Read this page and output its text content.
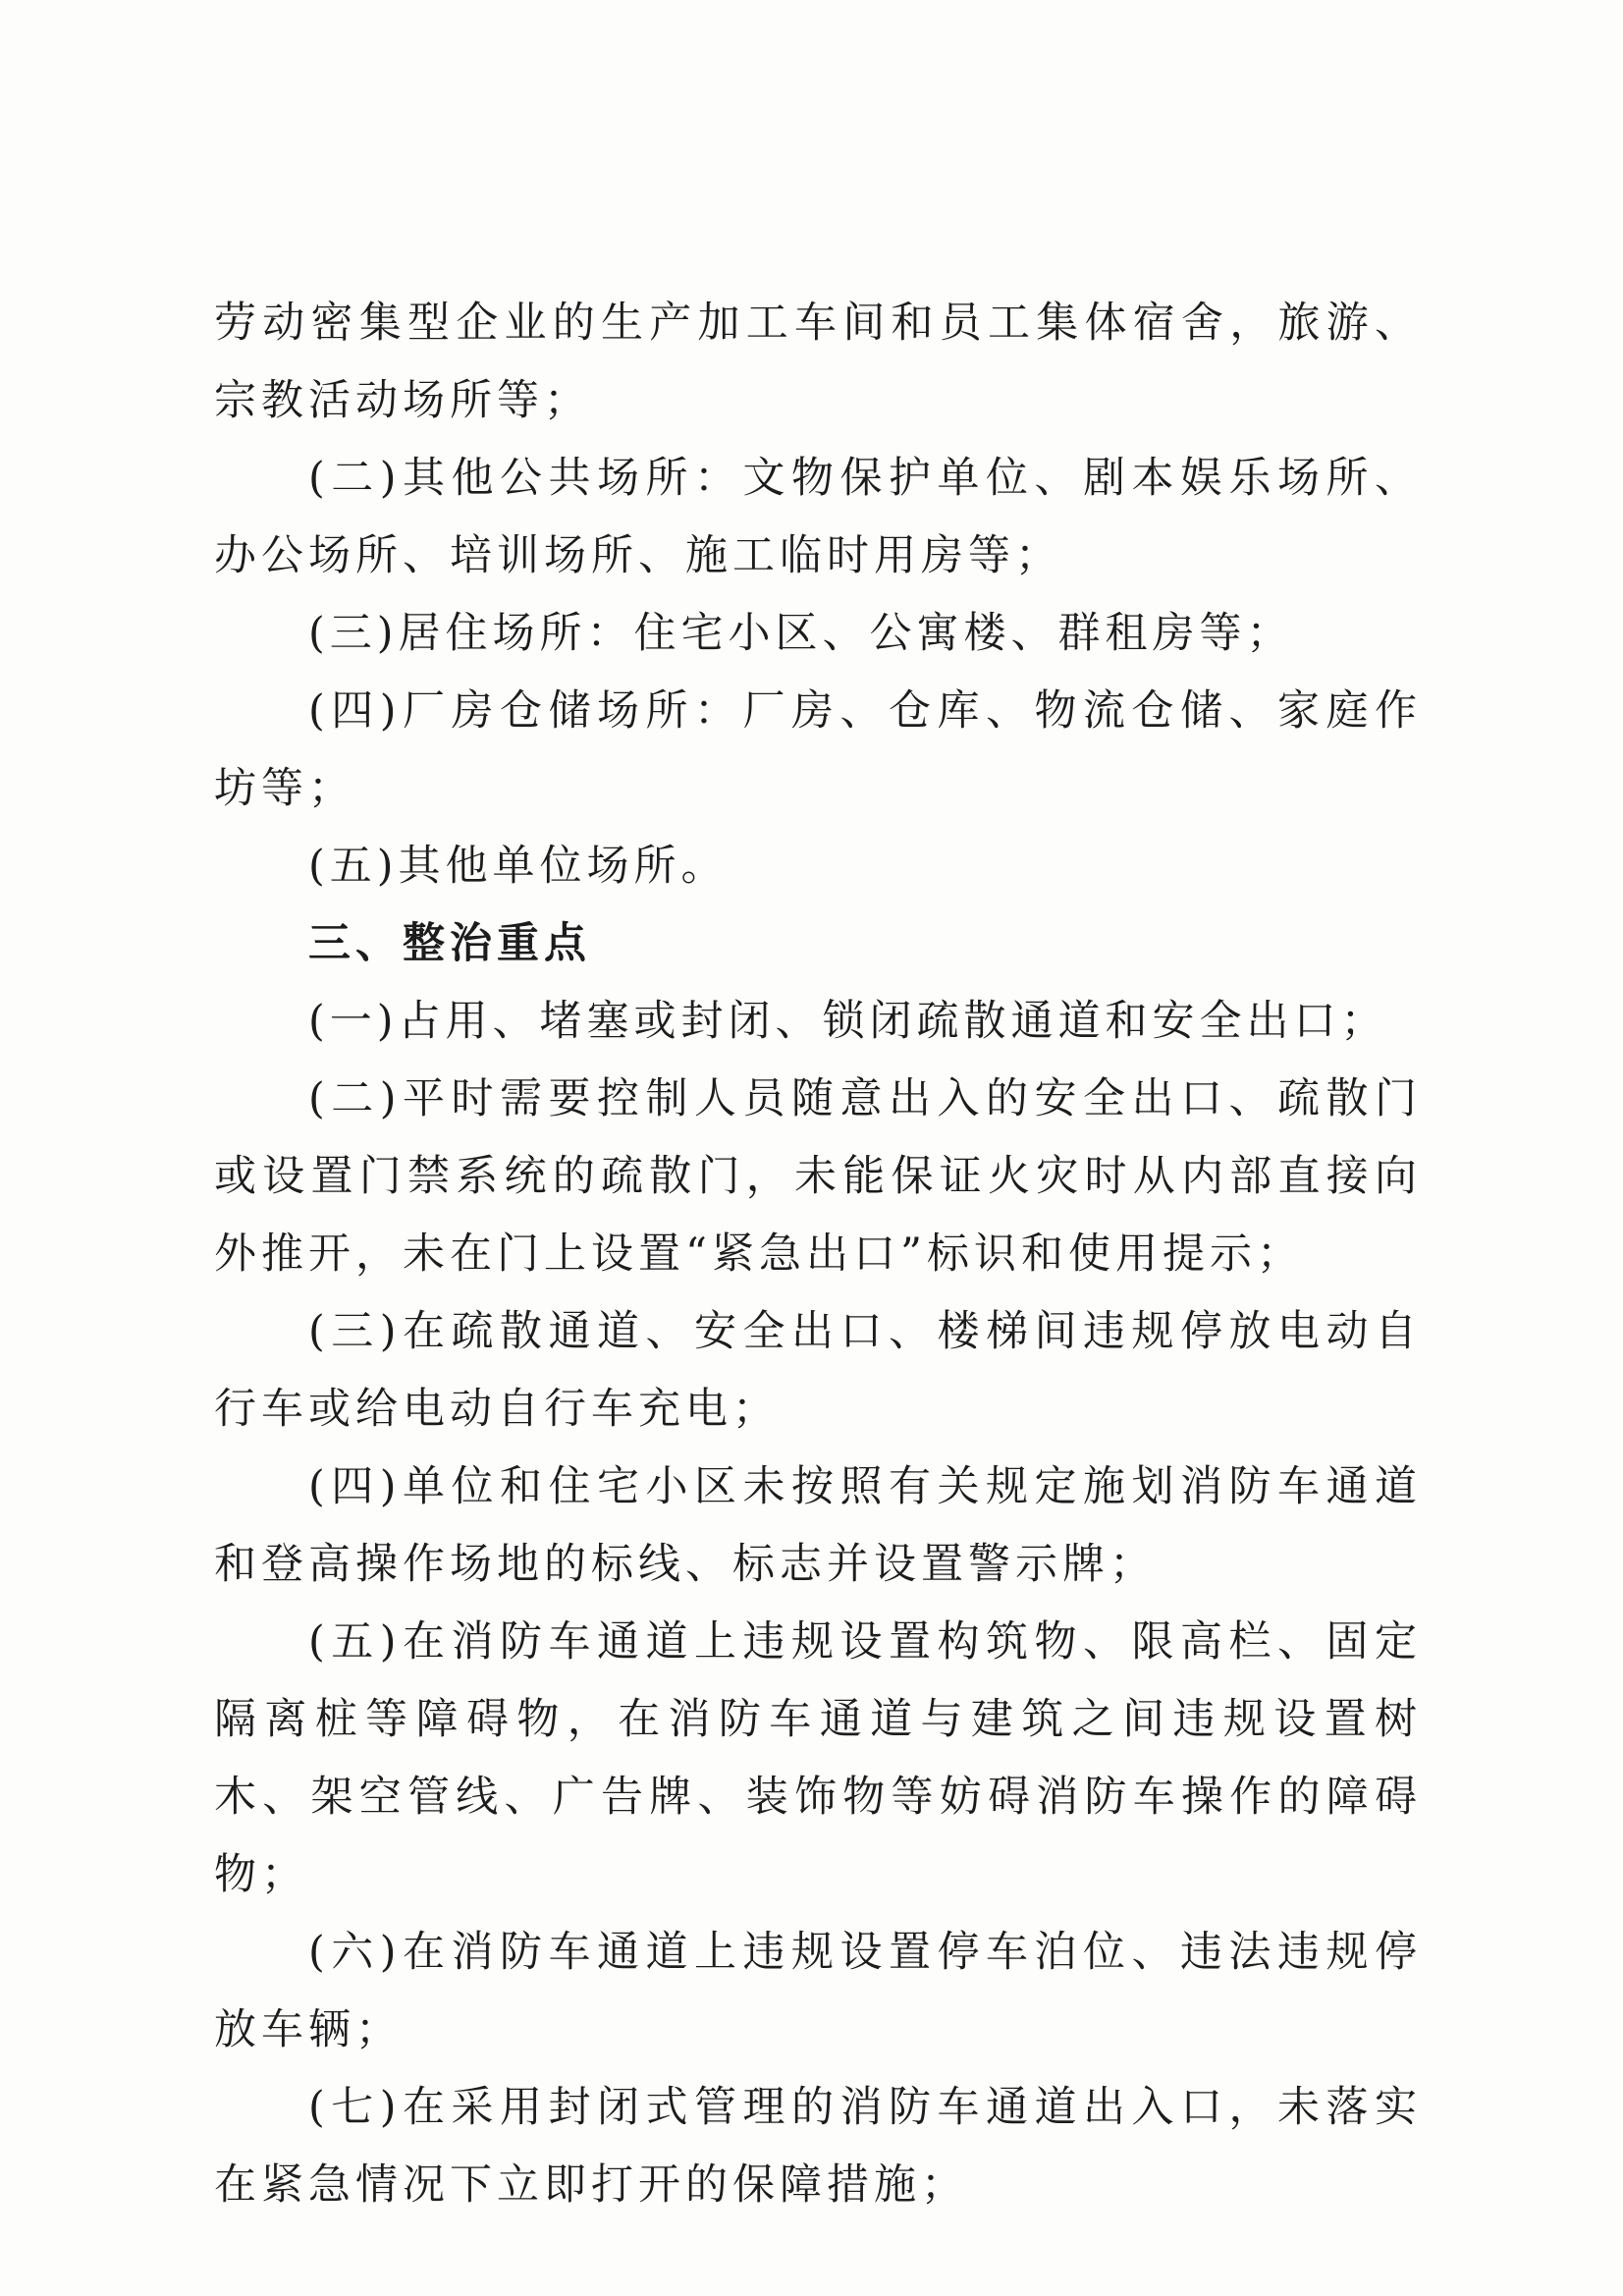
劳动密集型企业的生产加工车间和员工集体宿舍，旅游、宗教活动场所等；

(二)其他公共场所：文物保护单位、剧本娱乐场所、办公场所、培训场所、施工临时用房等；

(三)居住场所：住宅小区、公寓楼、群租房等；

(四)厂房仓储场所：厂房、仓库、物流仓储、家庭作坊等；

(五)其他单位场所。

三、整治重点

(一)占用、堵塞或封闭、锁闭疏散通道和安全出口；

(二)平时需要控制人员随意出入的安全出口、疏散门或设置门禁系统的疏散门，未能保证火灾时从内部直接向外推开，未在门上设置“紧急出口”标识和使用提示；

(三)在疏散通道、安全出口、楼梯间违规停放电动自行车或给电动自行车充电；

(四)单位和住宅小区未按照有关规定施划消防车通道和登高操作场地的标线、标志并设置警示牌；

(五)在消防车通道上违规设置构筑物、限高栏、固定隔离桩等障碍物，在消防车通道与建筑之间违规设置树木、架空管线、广告牌、装饰物等妨碍消防车操作的障碍物；

(六)在消防车通道上违规设置停车泊位、违法违规停放车辆；

(七)在采用封闭式管理的消防车通道出入口，未落实在紧急情况下立即打开的保障措施；
